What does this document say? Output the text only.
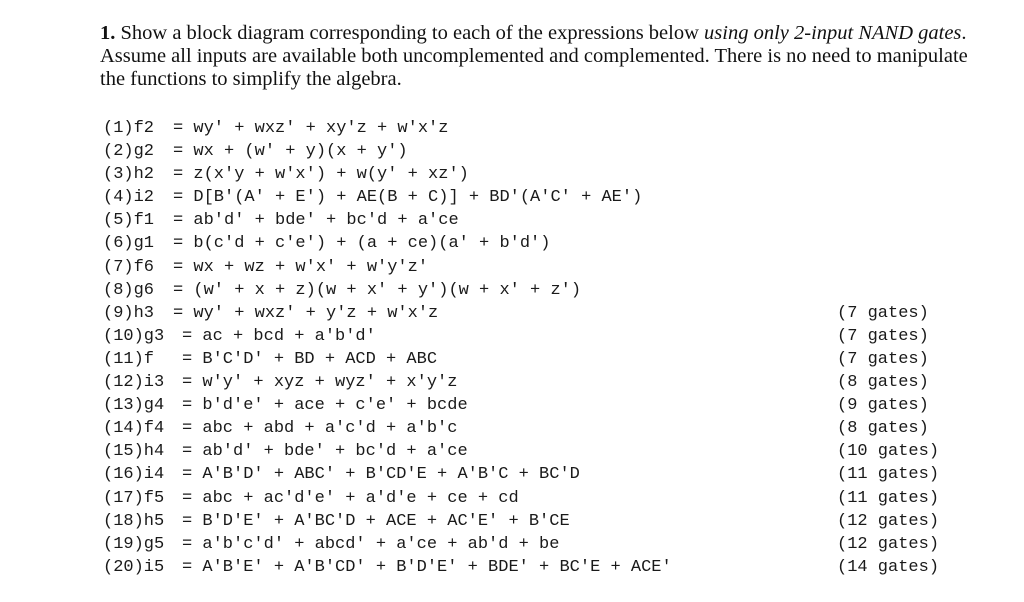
1. Show a block diagram corresponding to each of the expressions below using only 2-input NAND gates. Assume all inputs are available both uncomplemented and complemented. There is no need to manipulate the functions to simplify the algebra.
(1)f2 = wy' + wxz' + xy'z + w'x'z
(2)g2 = wx + (w' + y)(x + y')
(3)h2 = z(x'y + w'x') + w(y' + xz')
(4)i2 = D[B'(A' + E') + AE(B + C)] + BD'(A'C' + AE')
(5)f1 = ab'd' + bde' + bc'd + a'ce
(6)g1 = b(c'd + c'e') + (a + ce)(a' + b'd')
(7)f6 = wx + wz + w'x' + w'y'z'
(8)g6 = (w' + x + z)(w + x' + y')(w + x' + z')
(9)h3 = wy' + wxz' + y'z + w'x'z	(7 gates)
(10)g3 = ac + bcd + a'b'd'	(7 gates)
(11)f = B'C'D' + BD + ACD + ABC	(7 gates)
(12)i3 = w'y' + xyz + wyz' + x'y'z	(8 gates)
(13)g4 = b'd'e' + ace + c'e' + bcde	(9 gates)
(14)f4 = abc + abd + a'c'd + a'b'c	(8 gates)
(15)h4 = ab'd' + bde' + bc'd + a'ce	(10 gates)
(16)i4 = A'B'D' + ABC' + B'CD'E + A'B'C + BC'D	(11 gates)
(17)f5 = abc + ac'd'e' + a'd'e + ce + cd	(11 gates)
(18)h5 = B'D'E' + A'BC'D + ACE + AC'E' + B'CE	(12 gates)
(19)g5 = a'b'c'd' + abcd' + a'ce + ab'd + be	(12 gates)
(20)i5 = A'B'E' + A'B'CD' + B'D'E' + BDE' + BC'E + ACE'	(14 gates)
